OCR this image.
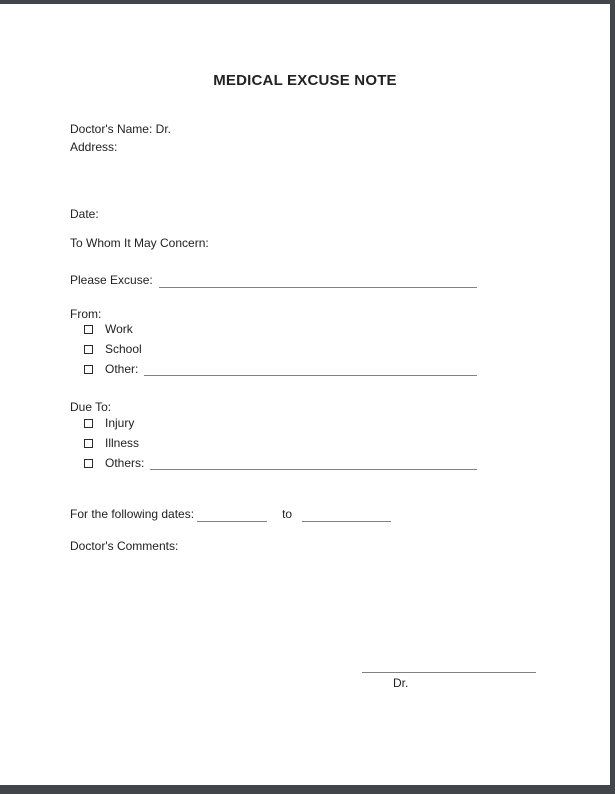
MEDICAL EXCUSE NOTE
Doctor's Name: Dr.
Address:
Date:
To Whom It May Concern:
Please Excuse:
From:
Work
School
Other:
Due To:
Injury
Illness
Others:
For the following dates:	to
Doctor's Comments:
Dr.
